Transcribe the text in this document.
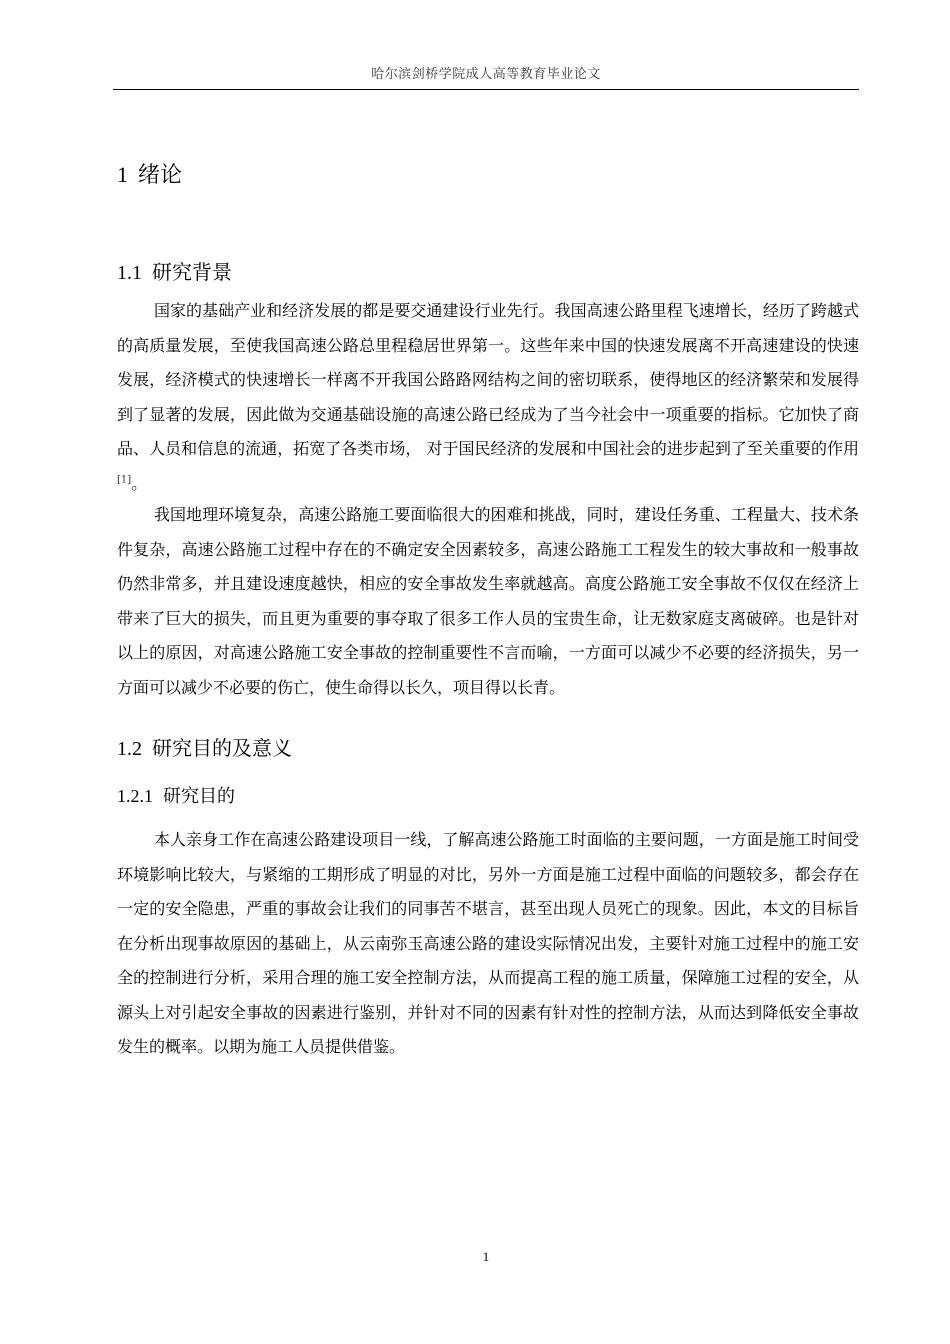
哈尔滨剑桥学院成人高等教育毕业论文
1 绪论
1.1 研究背景

国家的基础产业和经济发展的都是要交通建设行业先行。我国高速公路里程飞速增长，经历了跨越式的高质量发展，至使我国高速公路总里程稳居世界第一。这些年来中国的快速发展离不开高速建设的快速发展，经济模式的快速增长一样离不开我国公路路网结构之间的密切联系，使得地区的经济繁荣和发展得到了显著的发展，因此做为交通基础设施的高速公路已经成为了当今社会中一项重要的指标。它加快了商品、人员和信息的流通，拓宽了各类市场， 对于国民经济的发展和中国社会的进步起到了至关重要的作用[1]。

我国地理环境复杂，高速公路施工要面临很大的困难和挑战，同时，建设任务重、工程量大、技术条件复杂，高速公路施工过程中存在的不确定安全因素较多，高速公路施工工程发生的较大事故和一般事故仍然非常多，并且建设速度越快，相应的安全事故发生率就越高。高度公路施工安全事故不仅仅在经济上带来了巨大的损失，而且更为重要的事夺取了很多工作人员的宝贵生命，让无数家庭支离破碎。也是针对以上的原因，对高速公路施工安全事故的控制重要性不言而喻，一方面可以减少不必要的经济损失，另一方面可以减少不必要的伤亡，使生命得以长久，项目得以长青。

1.2 研究目的及意义
1.2.1 研究目的

本人亲身工作在高速公路建设项目一线，了解高速公路施工时面临的主要问题，一方面是施工时间受环境影响比较大，与紧缩的工期形成了明显的对比，另外一方面是施工过程中面临的问题较多，都会存在一定的安全隐患，严重的事故会让我们的同事苦不堪言，甚至出现人员死亡的现象。因此，本文的目标旨在分析出现事故原因的基础上，从云南弥玉高速公路的建设实际情况出发，主要针对施工过程中的施工安全的控制进行分析，采用合理的施工安全控制方法，从而提高工程的施工质量，保障施工过程的安全，从源头上对引起安全事故的因素进行鉴别，并针对不同的因素有针对性的控制方法，从而达到降低安全事故发生的概率。以期为施工人员提供借鉴。

1
